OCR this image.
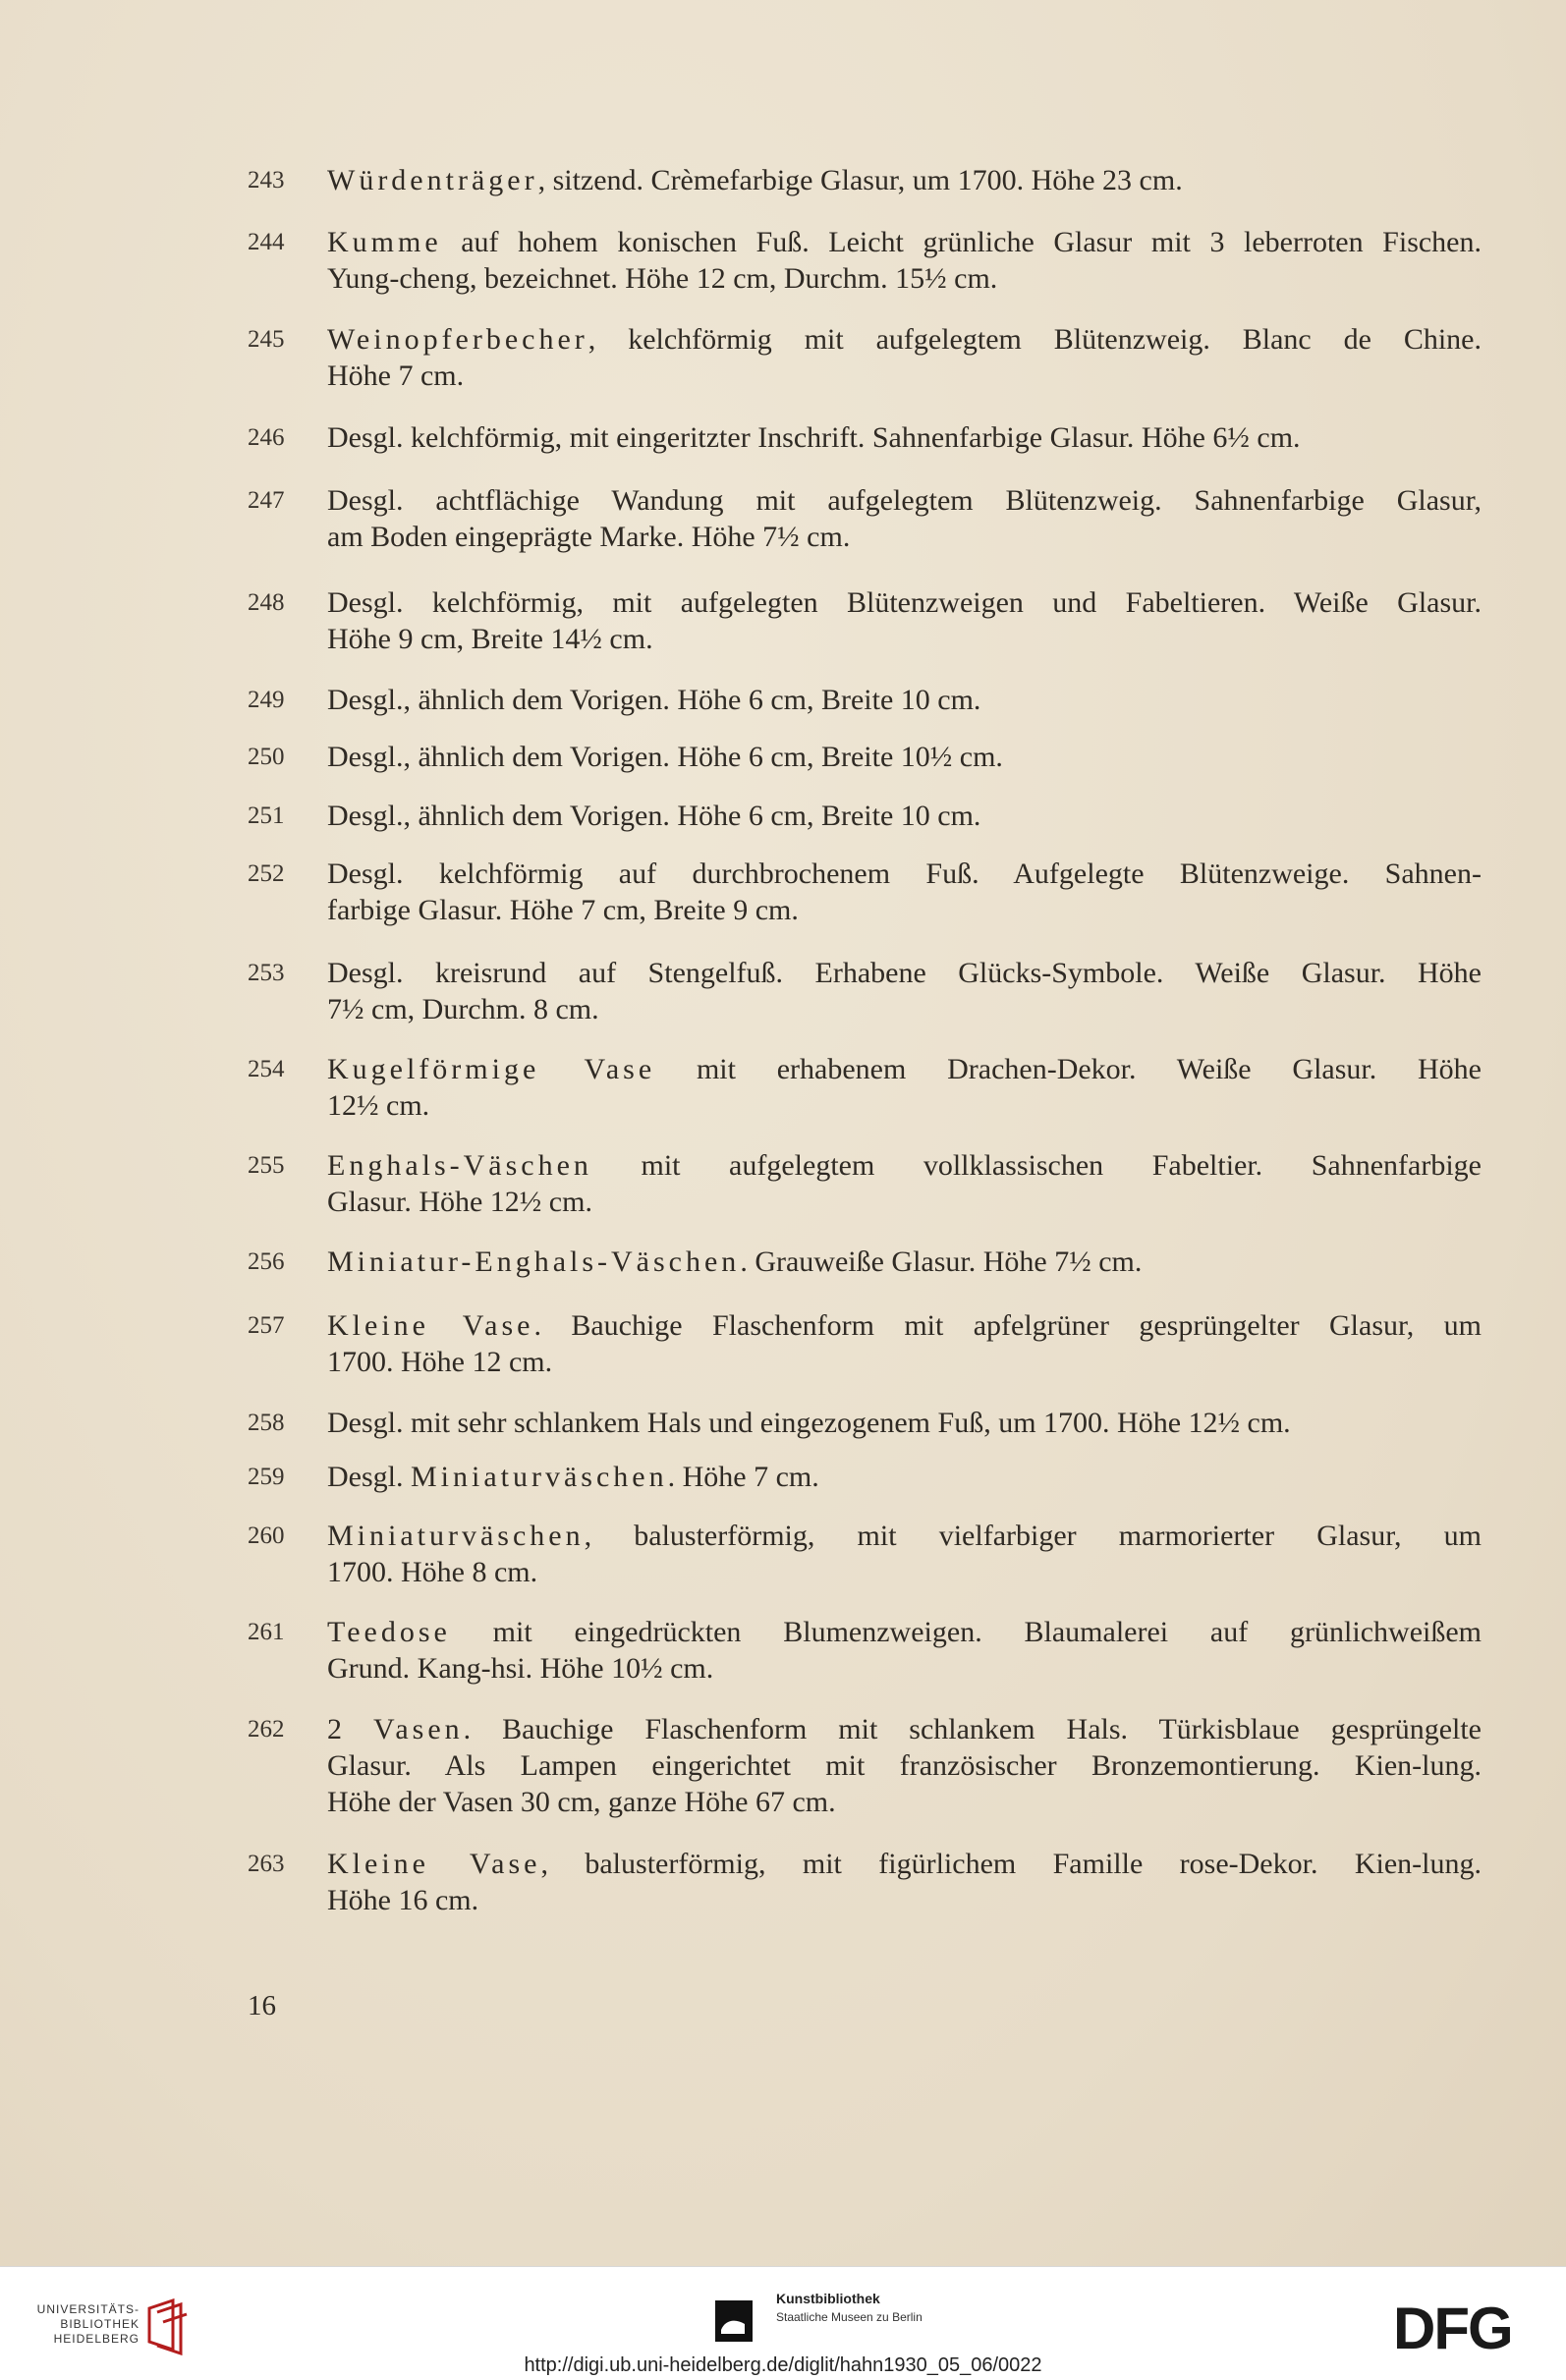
243 Würdenträger, sitzend. Crèmefarbige Glasur, um 1700. Höhe 23 cm.
244 Kumme auf hohem konischen Fuß. Leicht grünliche Glasur mit 3 leberroten Fischen.
Yung-cheng, bezeichnet. Höhe 12 cm, Durchm. 15½ cm.
245 Weinopferbecher, kelchförmig mit aufgelegtem Blütenzweig. Blanc de Chine.
Höhe 7 cm.
246 Desgl. kelchförmig, mit eingeritzter Inschrift. Sahnenfarbige Glasur. Höhe 6½ cm.
247 Desgl. achtflächige Wandung mit aufgelegtem Blütenzweig. Sahnenfarbige Glasur,
am Boden eingeprägte Marke. Höhe 7½ cm.
248 Desgl. kelchförmig, mit aufgelegten Blütenzweigen und Fabeltieren. Weiße Glasur.
Höhe 9 cm, Breite 14½ cm.
249 Desgl., ähnlich dem Vorigen. Höhe 6 cm, Breite 10 cm.
250 Desgl., ähnlich dem Vorigen. Höhe 6 cm, Breite 10½ cm.
251 Desgl., ähnlich dem Vorigen. Höhe 6 cm, Breite 10 cm.
252 Desgl. kelchförmig auf durchbrochenem Fuß. Aufgelegte Blütenzweige. Sahnen-
farbige Glasur. Höhe 7 cm, Breite 9 cm.
253 Desgl. kreisrund auf Stengelfuß. Erhabene Glücks-Symbole. Weiße Glasur. Höhe
7½ cm, Durchm. 8 cm.
254 Kugelförmige Vase mit erhabenem Drachen-Dekor. Weiße Glasur. Höhe
12½ cm.
255 Enghals-Väschen mit aufgelegtem vollklassischen Fabeltier. Sahnenfarbige
Glasur. Höhe 12½ cm.
256 Miniatur-Enghals-Väschen. Grauweiße Glasur. Höhe 7½ cm.
257 Kleine Vase. Bauchige Flaschenform mit apfelgrüner gesprüngelter Glasur, um
1700. Höhe 12 cm.
258 Desgl. mit sehr schlankem Hals und eingezogenem Fuß, um 1700. Höhe 12½ cm.
259 Desgl. Miniaturväschen. Höhe 7 cm.
260 Miniaturväschen, balusterförmig, mit vielfarbiger marmorierter Glasur, um
1700. Höhe 8 cm.
261 Teedose mit eingedrückten Blumenzweigen. Blaumalerei auf grünlichweißem
Grund. Kang-hsi. Höhe 10½ cm.
262 2 Vasen. Bauchige Flaschenform mit schlankem Hals. Türkisblaue gesprüngelte
Glasur. Als Lampen eingerichtet mit französischer Bronzemontierung. Kien-lung.
Höhe der Vasen 30 cm, ganze Höhe 67 cm.
263 Kleine Vase, balusterförmig, mit figürlichem Famille rose-Dekor. Kien-lung.
Höhe 16 cm.
16
UNIVERSITÄTS-
BIBLIOTHEK
HEIDELBERG
Kunstbibliothek
Staatliche Museen zu Berlin	DFG
http://digi.ub.uni-heidelberg.de/diglit/hahn1930_05_06/0022
